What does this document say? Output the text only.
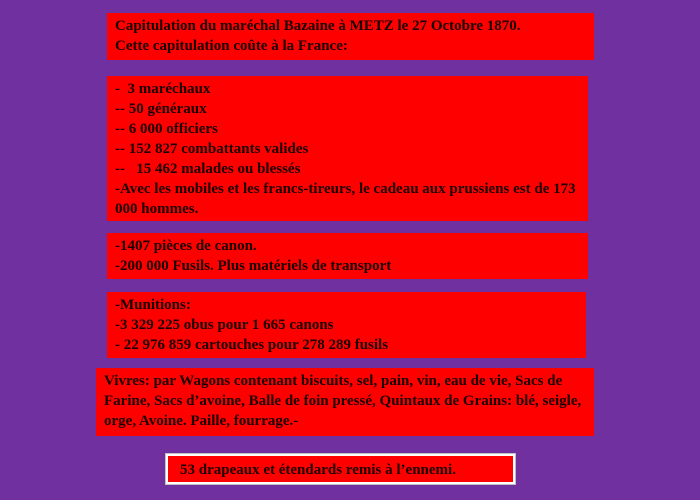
Capitulation du maréchal Bazaine à METZ le 27 Octobre 1870.
Cette capitulation coûte à la France:
-  3 maréchaux
-- 50 généraux
-- 6 000 officiers
-- 152 827 combattants valides
--   15 462 malades ou blessés
-Avec les mobiles et les francs-tireurs, le cadeau aux prussiens est de 173 000 hommes.
-1407 pièces de canon.
-200 000 Fusils. Plus matériels de transport
-Munitions:
-3 329 225 obus pour 1 665 canons
- 22 976 859 cartouches pour 278 289 fusils
Vivres: par Wagons contenant biscuits, sel, pain, vin, eau de vie, Sacs de Farine, Sacs d’avoine, Balle de foin pressé, Quintaux de Grains: blé, seigle, orge, Avoine. Paille, fourrage.-
53 drapeaux et étendards remis à l’ennemi.
